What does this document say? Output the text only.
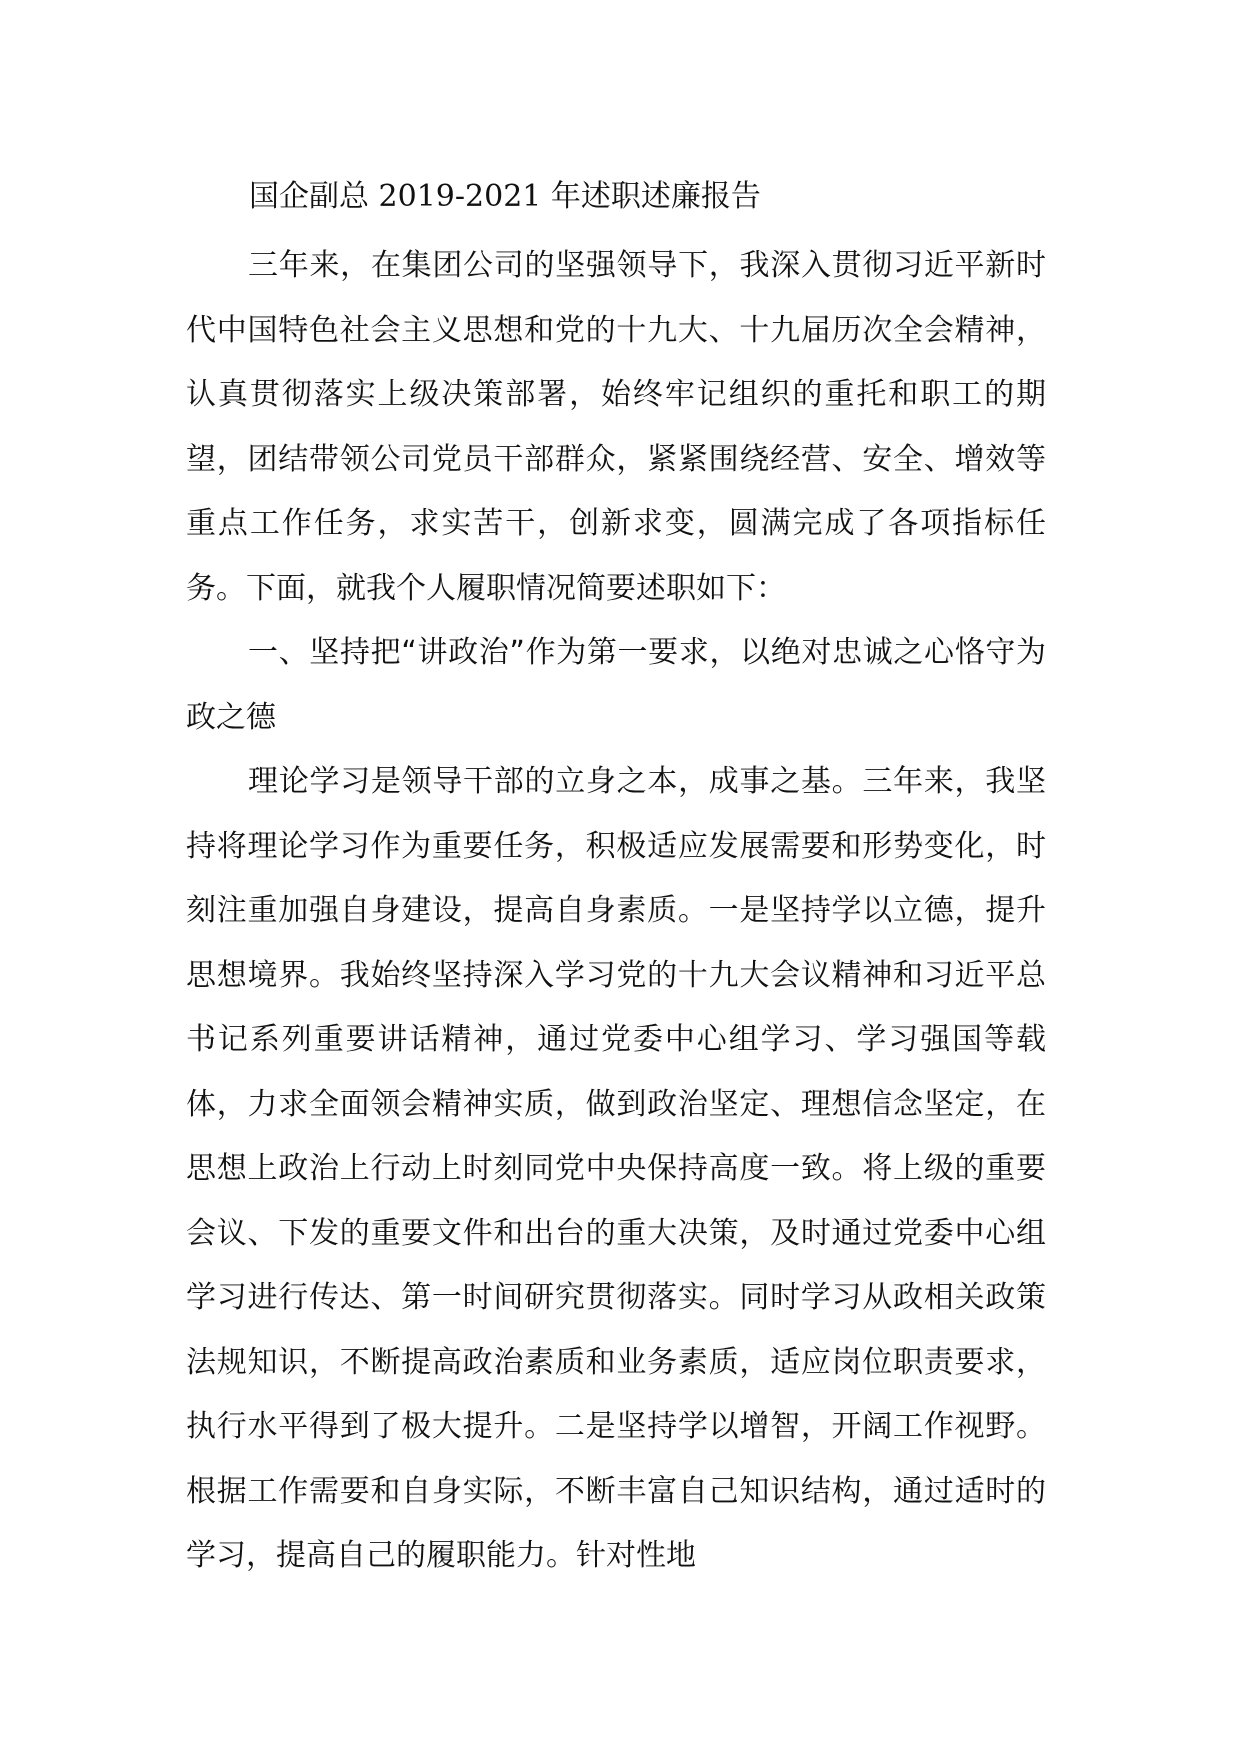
国企副总 2019-2021 年述职述廉报告

三年来，在集团公司的坚强领导下，我深入贯彻习近平新时代中国特色社会主义思想和党的十九大、十九届历次全会精神，认真贯彻落实上级决策部署，始终牢记组织的重托和职工的期望，团结带领公司党员干部群众，紧紧围绕经营、安全、增效等重点工作任务，求实苦干，创新求变，圆满完成了各项指标任务。下面，就我个人履职情况简要述职如下：

一、坚持把“讲政治”作为第一要求，以绝对忠诚之心恪守为政之德

理论学习是领导干部的立身之本，成事之基。三年来，我坚持将理论学习作为重要任务，积极适应发展需要和形势变化，时刻注重加强自身建设，提高自身素质。一是坚持学以立德，提升思想境界。我始终坚持深入学习党的十九大会议精神和习近平总书记系列重要讲话精神，通过党委中心组学习、学习强国等载体，力求全面领会精神实质，做到政治坚定、理想信念坚定，在思想上政治上行动上时刻同党中央保持高度一致。将上级的重要会议、下发的重要文件和出台的重大决策，及时通过党委中心组学习进行传达、第一时间研究贯彻落实。同时学习从政相关政策法规知识，不断提高政治素质和业务素质，适应岗位职责要求，执行水平得到了极大提升。二是坚持学以增智，开阔工作视野。根据工作需要和自身实际，不断丰富自己知识结构，通过适时的学习，提高自己的履职能力。针对性地
